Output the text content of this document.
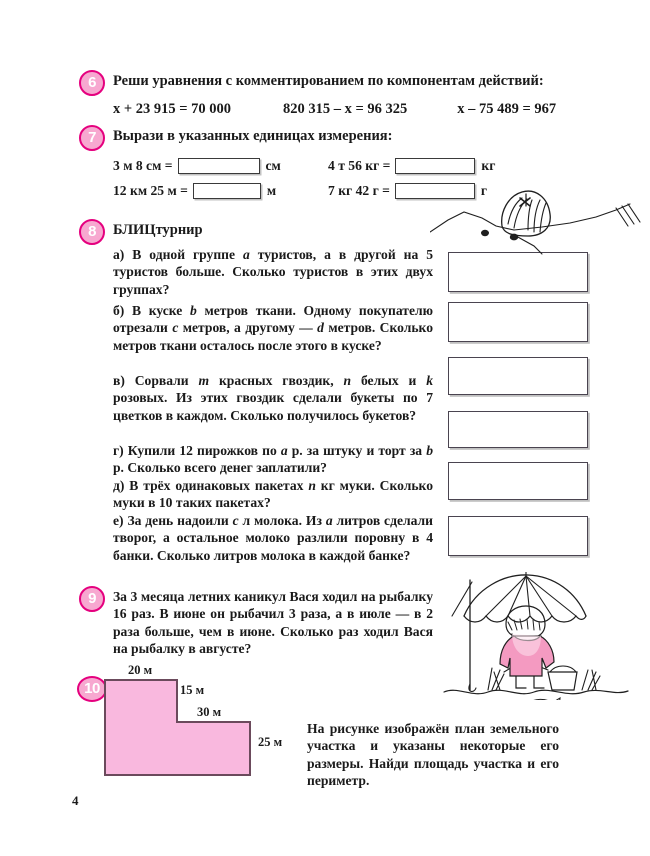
6	Реши уравнения с комментированием по компонентам действий:
x + 23 915 = 70 000	820 315 – x = 96 325	x – 75 489 = 967
7	Вырази в указанных единицах измерения:
3 м 8 см =	см	4 т 56 кг =	кг
12 км 25 м =	м	7 кг 42 г =	г
8	БЛИЦтурнир
а) В одной группе a туристов, а в другой на 5 туристов больше. Сколько туристов в этих двух группах?
б) В куске b метров ткани. Одному покупателю отрезали c метров, а другому — d метров. Сколько метров ткани осталось после этого в куске?
в) Сорвали m красных гвоздик, n белых и k розовых. Из этих гвоздик сделали букеты по 7 цветков в каждом. Сколько получилось букетов?
г) Купили 12 пирожков по a р. за штуку и торт за b р. Сколько всего денег заплатили?
д) В трёх одинаковых пакетах n кг муки. Сколько муки в 10 таких пакетах?
е) За день надоили c л молока. Из a литров сделали творог, а остальное молоко разлили поровну в 4 банки. Сколько литров молока в каждой банке?
9	За 3 месяца летних каникул Вася ходил на рыбалку 16 раз. В июне он рыбачил 3 раза, а в июле — в 2 раза больше, чем в июне. Сколько раз ходил Вася на рыбалку в августе?
10
20 м
15 м
30 м
25 м
На рисунке изображён план земельного участка и указаны некоторые его размеры. Найди площадь участка и его периметр.
4
